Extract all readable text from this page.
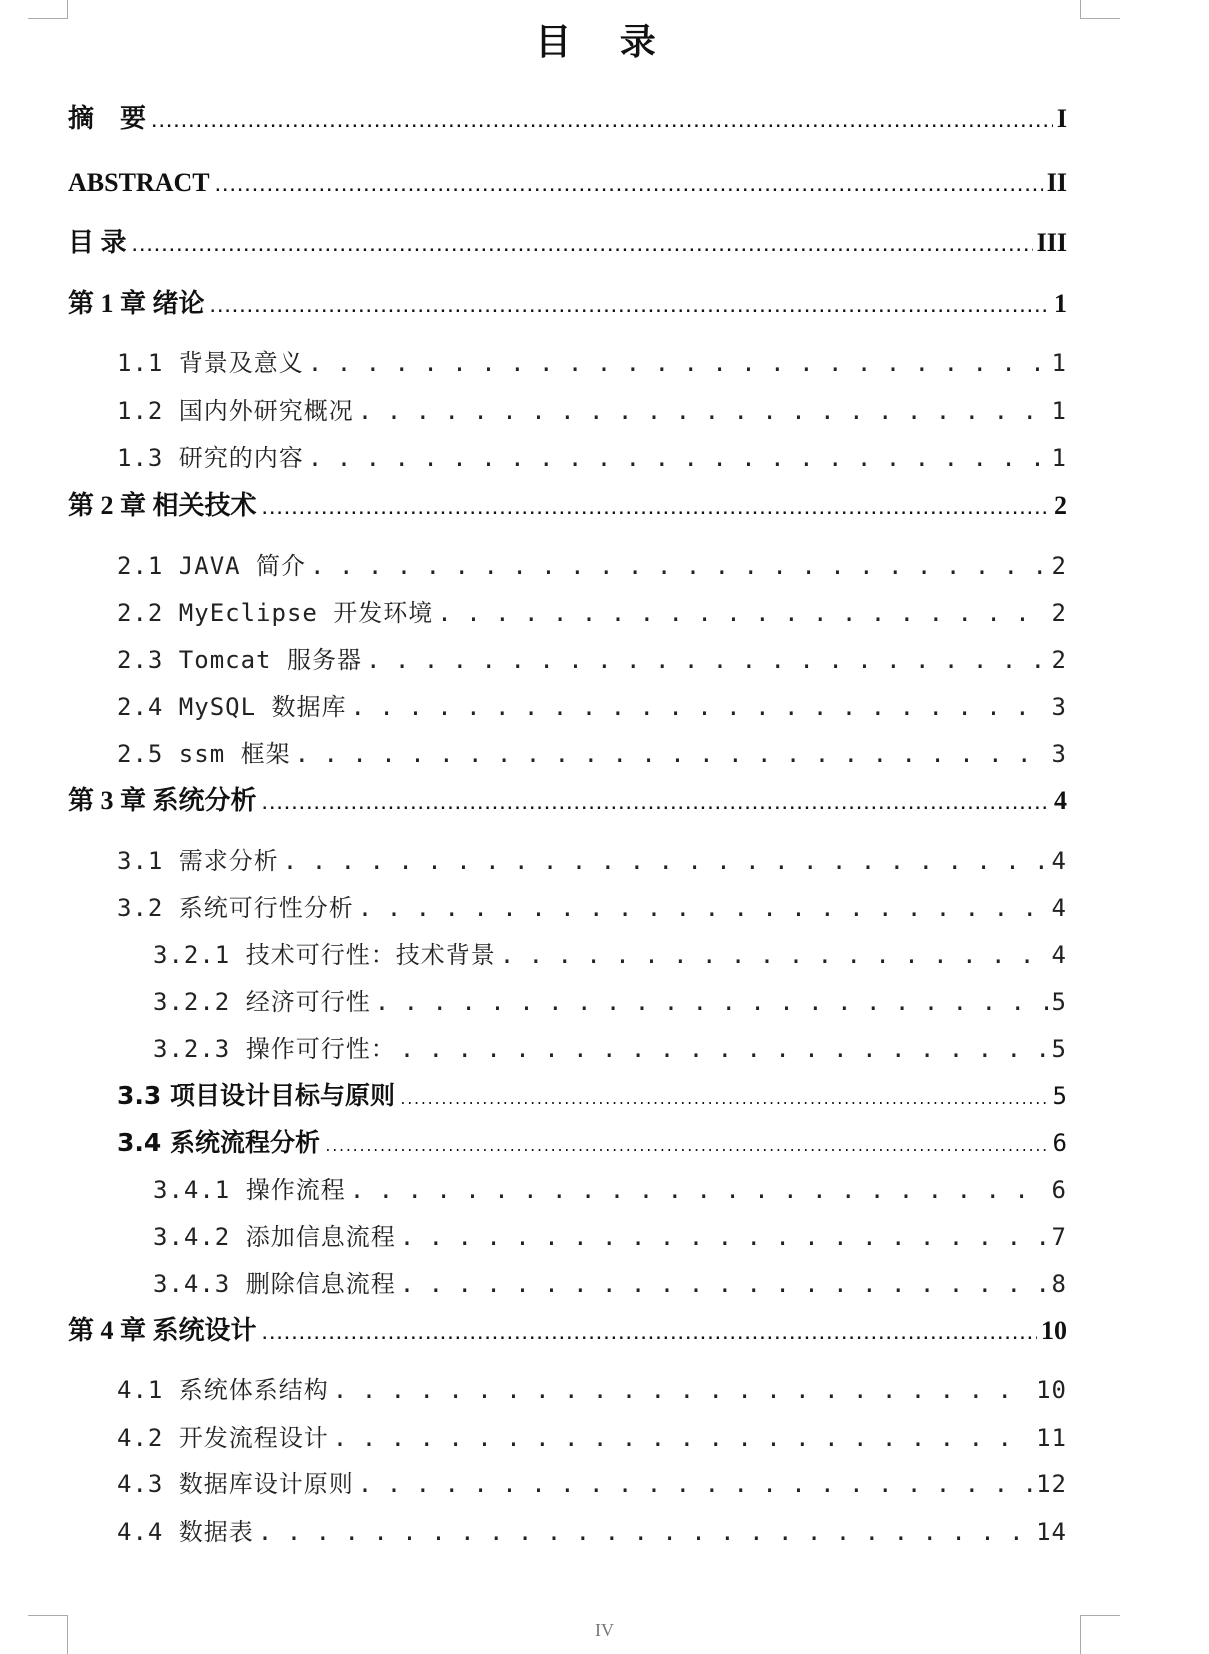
目 录
摘　要 .....	I
ABSTRACT .....	II
目 录 .....	III
第 1 章 绪论 .....	1
1.1 背景及意义 . . .	1
1.2 国内外研究概况 . . .	1
1.3 研究的内容 . . .	1
第 2 章 相关技术 .....	2
2.1 JAVA 简介 . . .	2
2.2 MyEclipse 开发环境 . . .	2
2.3 Tomcat 服务器 . . .	2
2.4 MySQL 数据库 . . .	3
2.5 ssm 框架 . . .	3
第 3 章 系统分析 .....	4
3.1 需求分析 . . .	4
3.2 系统可行性分析 . . .	4
3.2.1 技术可行性：技术背景 . . .	4
3.2.2 经济可行性 . . .	5
3.2.3 操作可行性： . . .	5
3.3 项目设计目标与原则 .....	5
3.4 系统流程分析 .....	6
3.4.1 操作流程 . . .	6
3.4.2 添加信息流程 . . .	7
3.4.3 删除信息流程 . . .	8
第 4 章 系统设计 .....	10
4.1 系统体系结构 . . .	10
4.2 开发流程设计 . . .	11
4.3 数据库设计原则 . . .	12
4.4 数据表 . . .	14
IV
